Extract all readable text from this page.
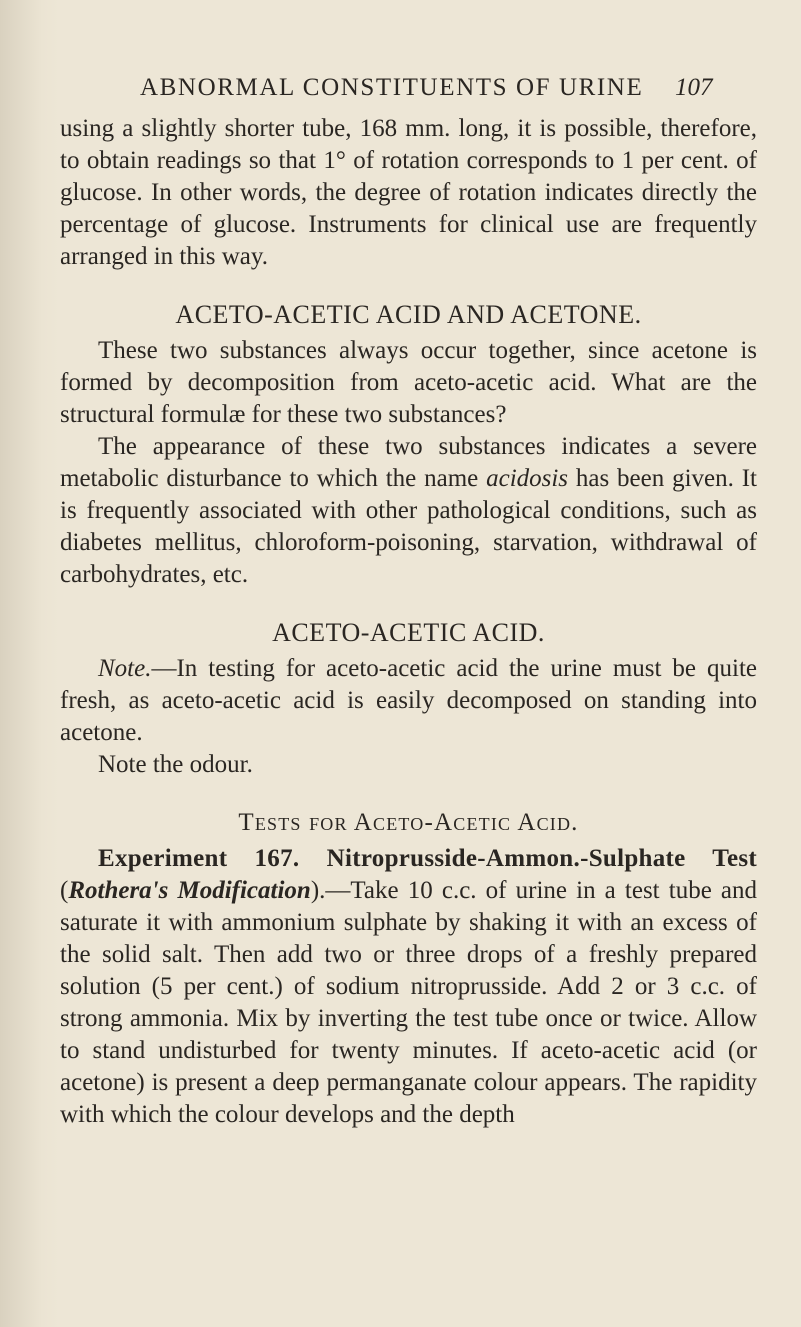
ABNORMAL CONSTITUENTS OF URINE 107

using a slightly shorter tube, 168 mm. long, it is possible, therefore, to obtain readings so that 1° of rotation corresponds to 1 per cent. of glucose. In other words, the degree of rotation indicates directly the percentage of glucose. Instruments for clinical use are frequently arranged in this way.

ACETO-ACETIC ACID AND ACETONE.

These two substances always occur together, since acetone is formed by decomposition from aceto-acetic acid. What are the structural formulæ for these two substances?

The appearance of these two substances indicates a severe metabolic disturbance to which the name acidosis has been given. It is frequently associated with other pathological conditions, such as diabetes mellitus, chloroform-poisoning, starvation, withdrawal of carbohydrates, etc.

ACETO-ACETIC ACID.

Note.—In testing for aceto-acetic acid the urine must be quite fresh, as aceto-acetic acid is easily decomposed on standing into acetone.

Note the odour.

Tests for Aceto-Acetic Acid.

Experiment 167. Nitroprusside-Ammon.-Sulphate Test (Rothera's Modification).—Take 10 c.c. of urine in a test tube and saturate it with ammonium sulphate by shaking it with an excess of the solid salt. Then add two or three drops of a freshly prepared solution (5 per cent.) of sodium nitroprusside. Add 2 or 3 c.c. of strong ammonia. Mix by inverting the test tube once or twice. Allow to stand undisturbed for twenty minutes. If aceto-acetic acid (or acetone) is present a deep permanganate colour appears. The rapidity with which the colour develops and the depth
